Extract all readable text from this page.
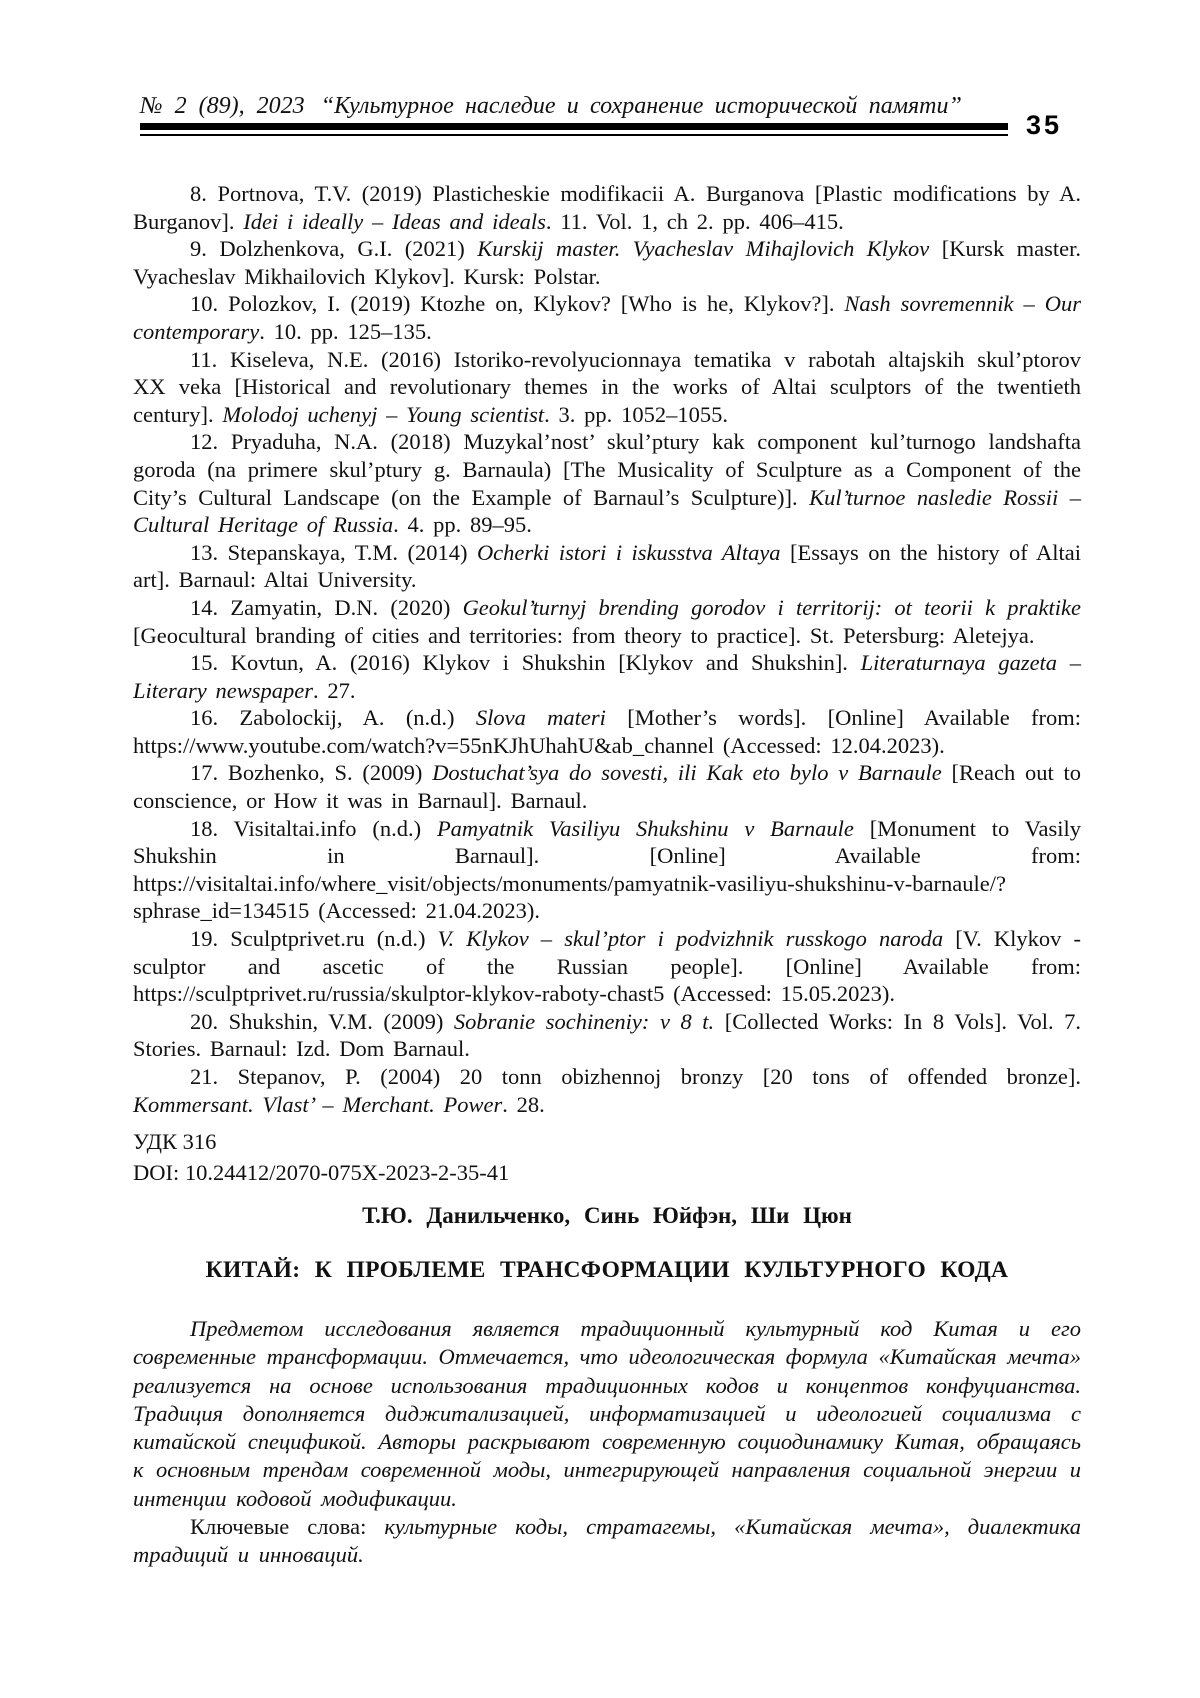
№ 2 (89), 2023 “Культурное наследие и сохранение исторической памяти”
35

8. Portnova, T.V. (2019) Plasticheskie modifikacii A. Burganova [Plastic modifications by A. Burganov]. Idei i ideally – Ideas and ideals. 11. Vol. 1, ch 2. pp. 406–415.

9. Dolzhenkova, G.I. (2021) Kurskij master. Vyacheslav Mihajlovich Klykov [Kursk master. Vyacheslav Mikhailovich Klykov]. Kursk: Polstar.

10. Polozkov, I. (2019) Ktozhe on, Klykov? [Who is he, Klykov?]. Nash sovremennik – Our contemporary. 10. pp. 125–135.

11. Kiseleva, N.E. (2016) Istoriko-revolyucionnaya tematika v rabotah altajskih skul’ptorov XX veka [Historical and revolutionary themes in the works of Altai sculptors of the twentieth century]. Molodoj uchenyj – Young scientist. 3. pp. 1052–1055.

12. Pryaduha, N.A. (2018) Muzykal’nost’ skul’ptury kak component kul’turnogo landshafta goroda (na primere skul’ptury g. Barnaula) [The Musicality of Sculpture as a Component of the City’s Cultural Landscape (on the Example of Barnaul’s Sculpture)]. Kul’turnoe nasledie Rossii – Cultural Heritage of Russia. 4. pp. 89–95.

13. Stepanskaya, T.M. (2014) Ocherki istori i iskusstva Altaya [Essays on the history of Altai art]. Barnaul: Altai University.

14. Zamyatin, D.N. (2020) Geokul’turnyj brending gorodov i territorij: ot teorii k praktike [Geocultural branding of cities and territories: from theory to practice]. St. Petersburg: Aletejya.

15. Kovtun, A. (2016) Klykov i Shukshin [Klykov and Shukshin]. Literaturnaya gazeta – Literary newspaper. 27.

16. Zabolockij, A. (n.d.) Slova materi [Mother’s words]. [Online] Available from: https://www.youtube.com/watch?v=55nKJhUhahU&ab_channel (Accessed: 12.04.2023).

17. Bozhenko, S. (2009) Dostuchat’sya do sovesti, ili Kak eto bylo v Barnaule [Reach out to conscience, or How it was in Barnaul]. Barnaul.

18. Visitaltai.info (n.d.) Pamyatnik Vasiliyu Shukshinu v Barnaule [Monument to Vasily Shukshin in Barnaul]. [Online] Available from: https://visitaltai.info/where_visit/objects/monuments/pamyatnik-vasiliyu-shukshinu-v-barnaule/?sphrase_id=134515 (Accessed: 21.04.2023).

19. Sculptprivet.ru (n.d.) V. Klykov – skul’ptor i podvizhnik russkogo naroda [V. Klykov - sculptor and ascetic of the Russian people]. [Online] Available from: https://sculptprivet.ru/russia/skulptor-klykov-raboty-chast5 (Accessed: 15.05.2023).

20. Shukshin, V.M. (2009) Sobranie sochineniy: v 8 t. [Collected Works: In 8 Vols]. Vol. 7. Stories. Barnaul: Izd. Dom Barnaul.

21. Stepanov, P. (2004) 20 tonn obizhennoj bronzy [20 tons of offended bronze]. Kommersant. Vlast’ – Merchant. Power. 28.

УДК 316
DOI: 10.24412/2070-075X-2023-2-35-41
Т.Ю. Данильченко, Синь Юйфэн, Ши Цюн
КИТАЙ: К ПРОБЛЕМЕ ТРАНСФОРМАЦИИ КУЛЬТУРНОГО КОДА

Предметом исследования является традиционный культурный код Китая и его современные трансформации. Отмечается, что идеологическая формула «Китайская мечта» реализуется на основе использования традиционных кодов и концептов конфуцианства. Традиция дополняется диджитализацией, информатизацией и идеологией социализма с китайской спецификой. Авторы раскрывают современную социодинамику Китая, обращаясь к основным трендам современной моды, интегрирующей направления социальной энергии и интенции кодовой модификации.

Ключевые слова: культурные коды, стратагемы, «Китайская мечта», диалектика традиций и инноваций.
